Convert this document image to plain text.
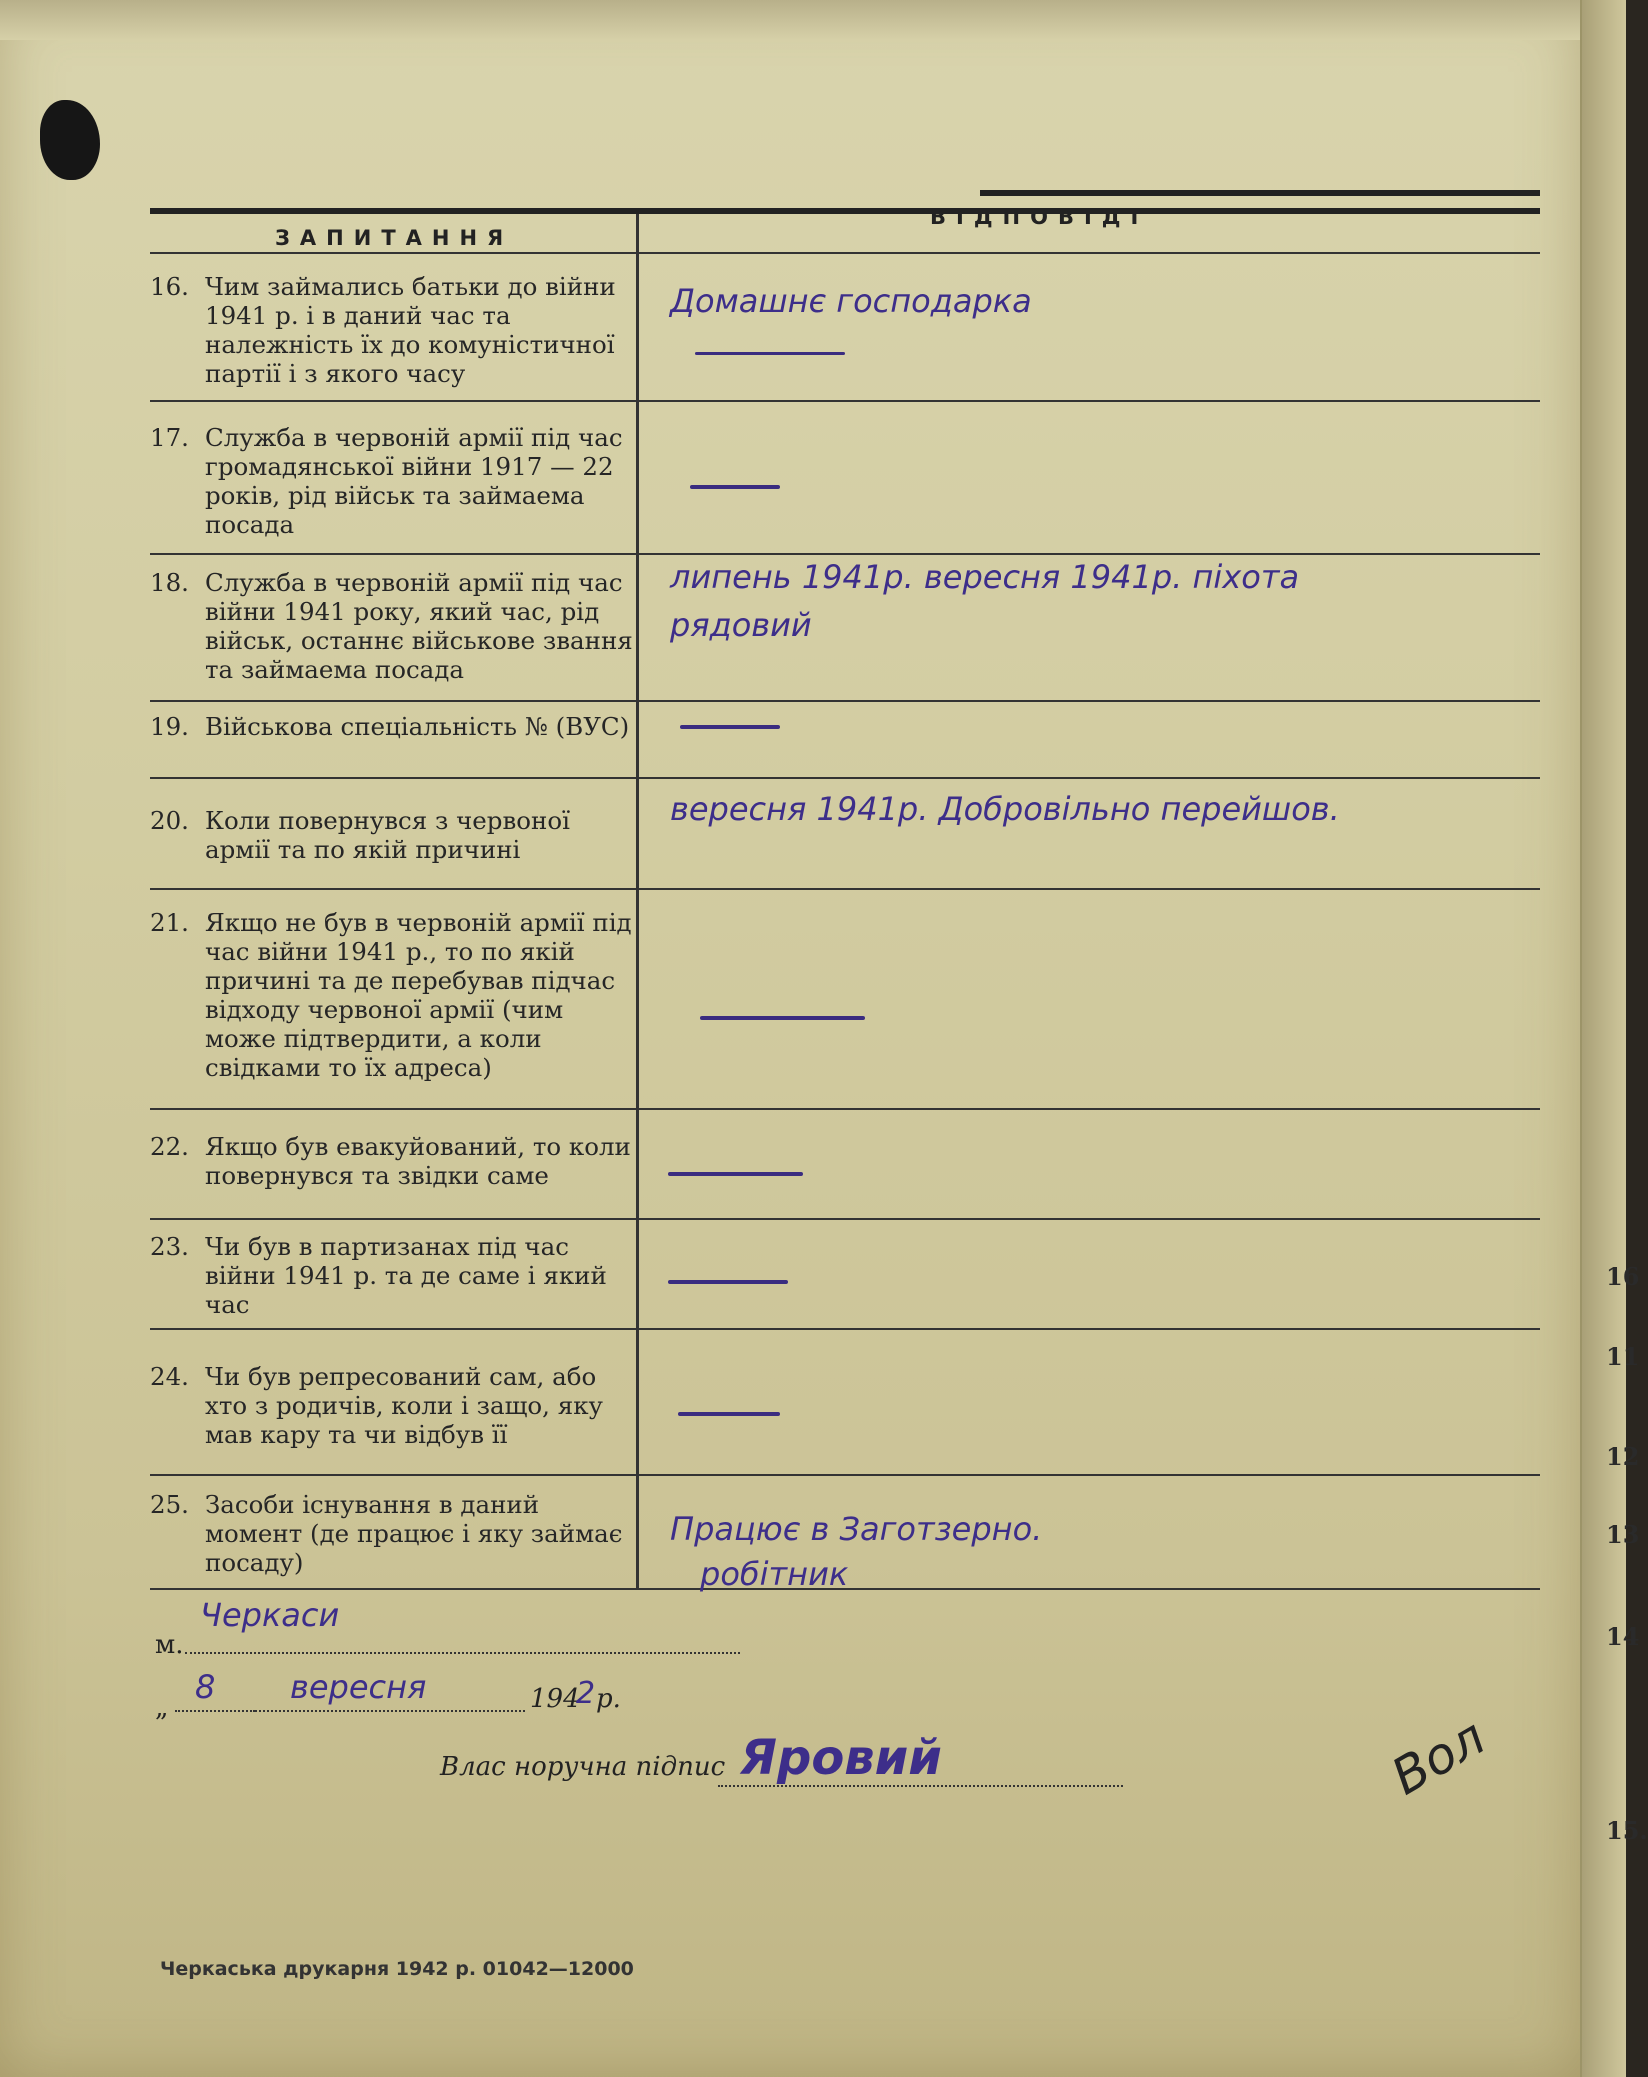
ЗАПИТАННЯ
ВІДПОВІДІ
16. Чим займались батьки до війни 1941 р. і в даний час та належність їх до комуністичної партії і з якого часу
Домашнє господарка
17. Служба в червоній армії під час громадянської війни 1917 — 22 років, рід військ та займаема посада
18. Служба в червоній армії під час війни 1941 року, який час, рід військ, останнє військове звання та займаема посада
липень 1941р. вересня 1941р. піхота
рядовий
19. Військова спеціальність № (ВУС)
20. Коли повернувся з червоної армії та по якій причині
вересня 1941р. Добровільно перейшов.
21. Якщо не був в червоній армії під час війни 1941 р., то по якій причині та де перебував підчас відходу червоної армії (чим може підтвердити, а коли свідками то їх адреса)
22. Якщо був евакуйований, то коли повернувся та звідки саме
23. Чи був в партизанах під час війни 1941 р. та де саме і який час
24. Чи був репресований сам, або хто з родичів, коли і защо, яку мав кару та чи відбув її
25. Засоби існування в даний момент (де працює і яку займає посаду)
Працює в Заготзерно.
робітник
м.
Черкаси
„
8 вересня	194
2 р.
Влас норучна підпис Яровий	Вол
Черкаська друкарня 1942 р. 01042—12000
16
11
12
13
14
15.
